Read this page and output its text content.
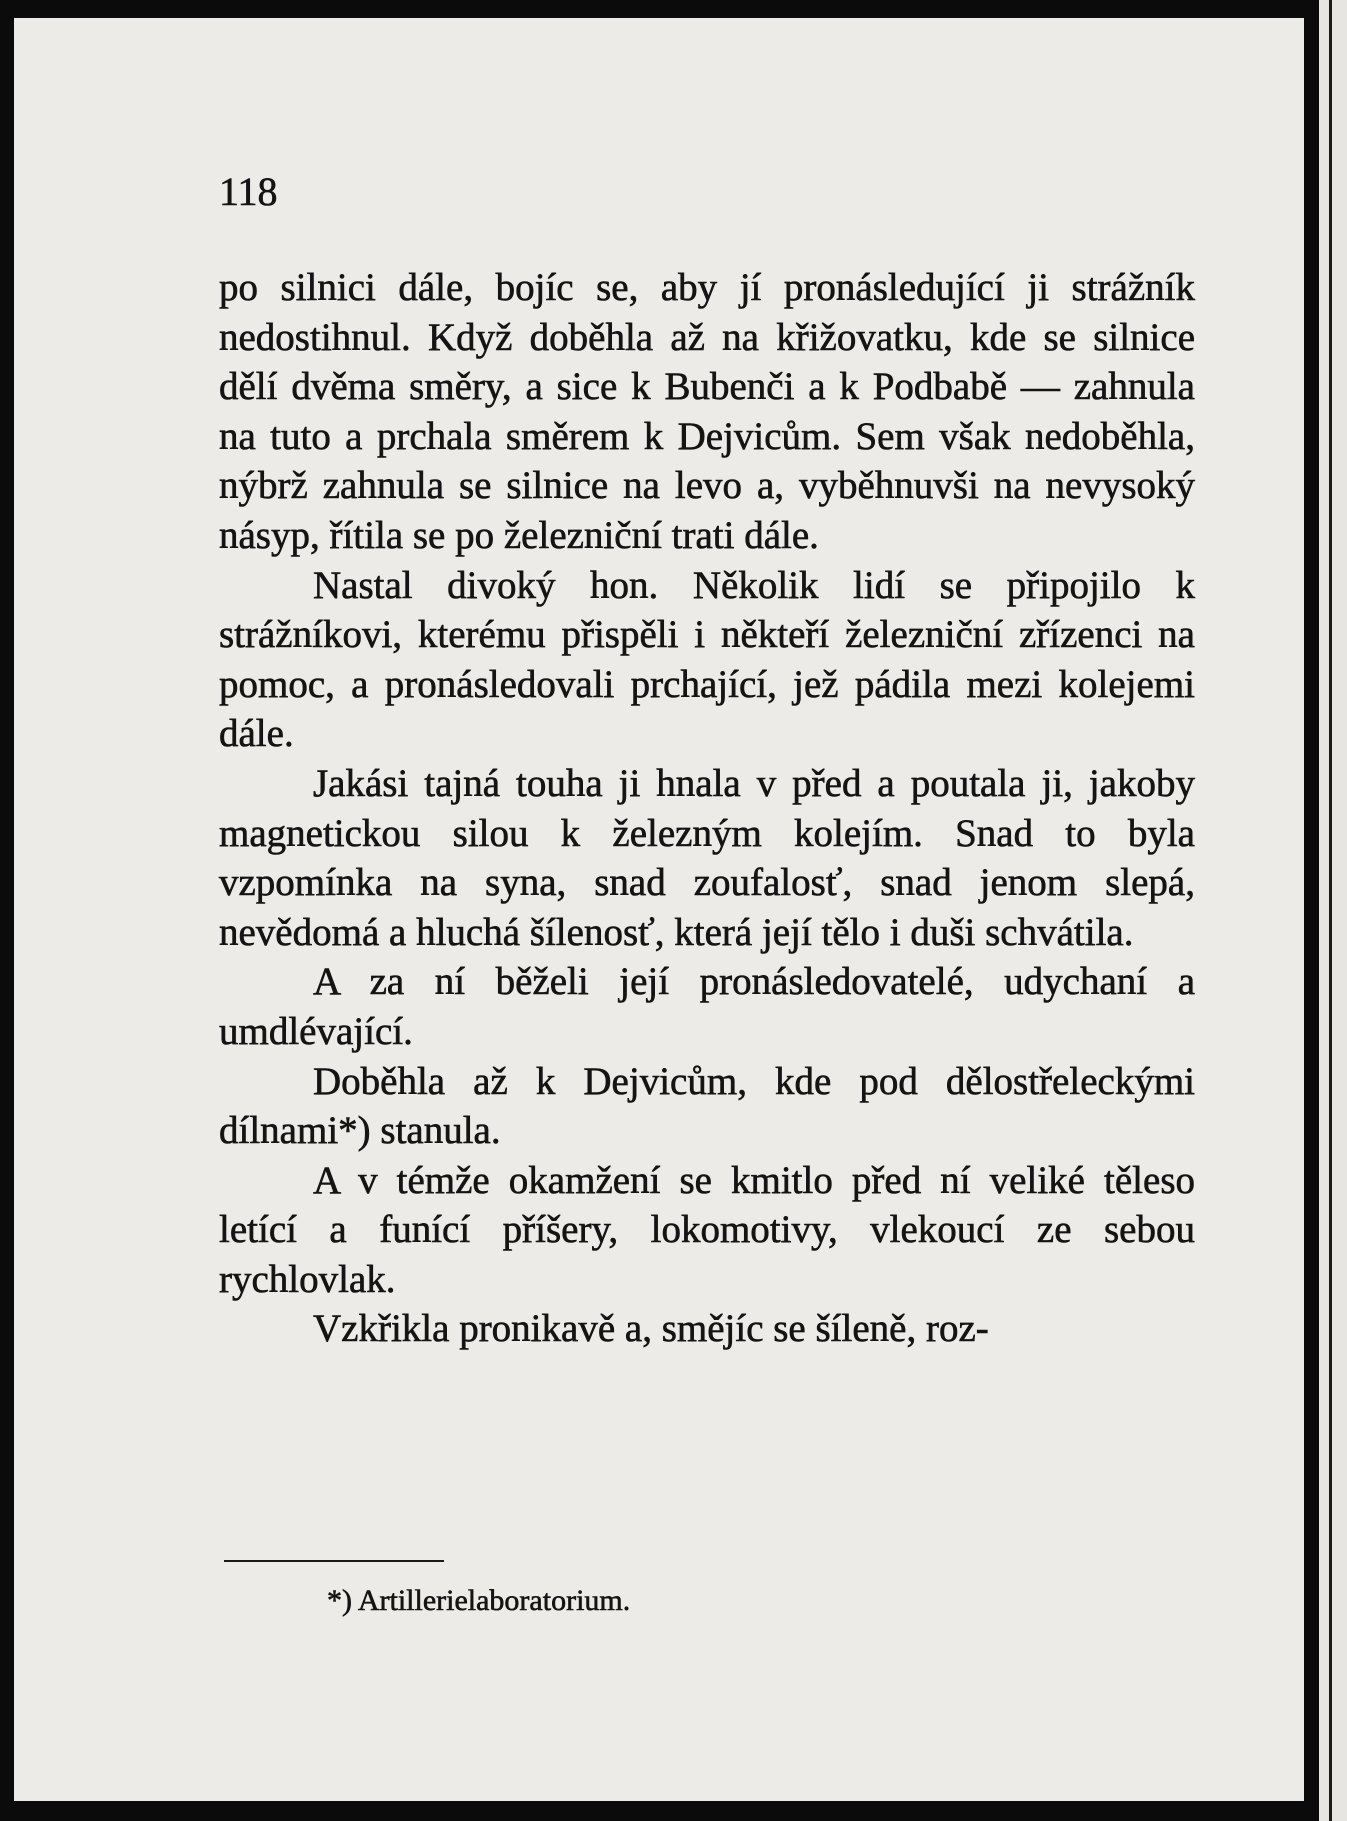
118

po silnici dále, bojíc se, aby jí pronásledující ji strážník nedostihnul. Když doběhla až na křižovatku, kde se silnice dělí dvěma směry, a sice k Bubenči a k Podbabě — zahnula na tuto a prchala směrem k Dejvicům. Sem však nedoběhla, nýbrž zahnula se silnice na levo a, vyběhnuvši na nevysoký násyp, řítila se po železniční trati dále.

Nastal divoký hon. Několik lidí se připojilo k strážníkovi, kterému přispěli i někteří železniční zřízenci na pomoc, a pronásledovali prchající, jež pádila mezi kolejemi dále.

Jakási tajná touha ji hnala v před a poutala ji, jakoby magnetickou silou k železným kolejím. Snad to byla vzpomínka na syna, snad zoufalosť, snad jenom slepá, nevědomá a hluchá šílenosť, která její tělo i duši schvátila.

A za ní běželi její pronásledovatelé, udychaní a umdlévající.

Doběhla až k Dejvicům, kde pod dělostřeleckými dílnami*) stanula.

A v témže okamžení se kmitlo před ní veliké těleso letící a funící příšery, lokomotivy, vlekoucí ze sebou rychlovlak.

Vzkřikla pronikavě a, smějíc se šíleně, roz-

*) Artillerielaboratorium.
